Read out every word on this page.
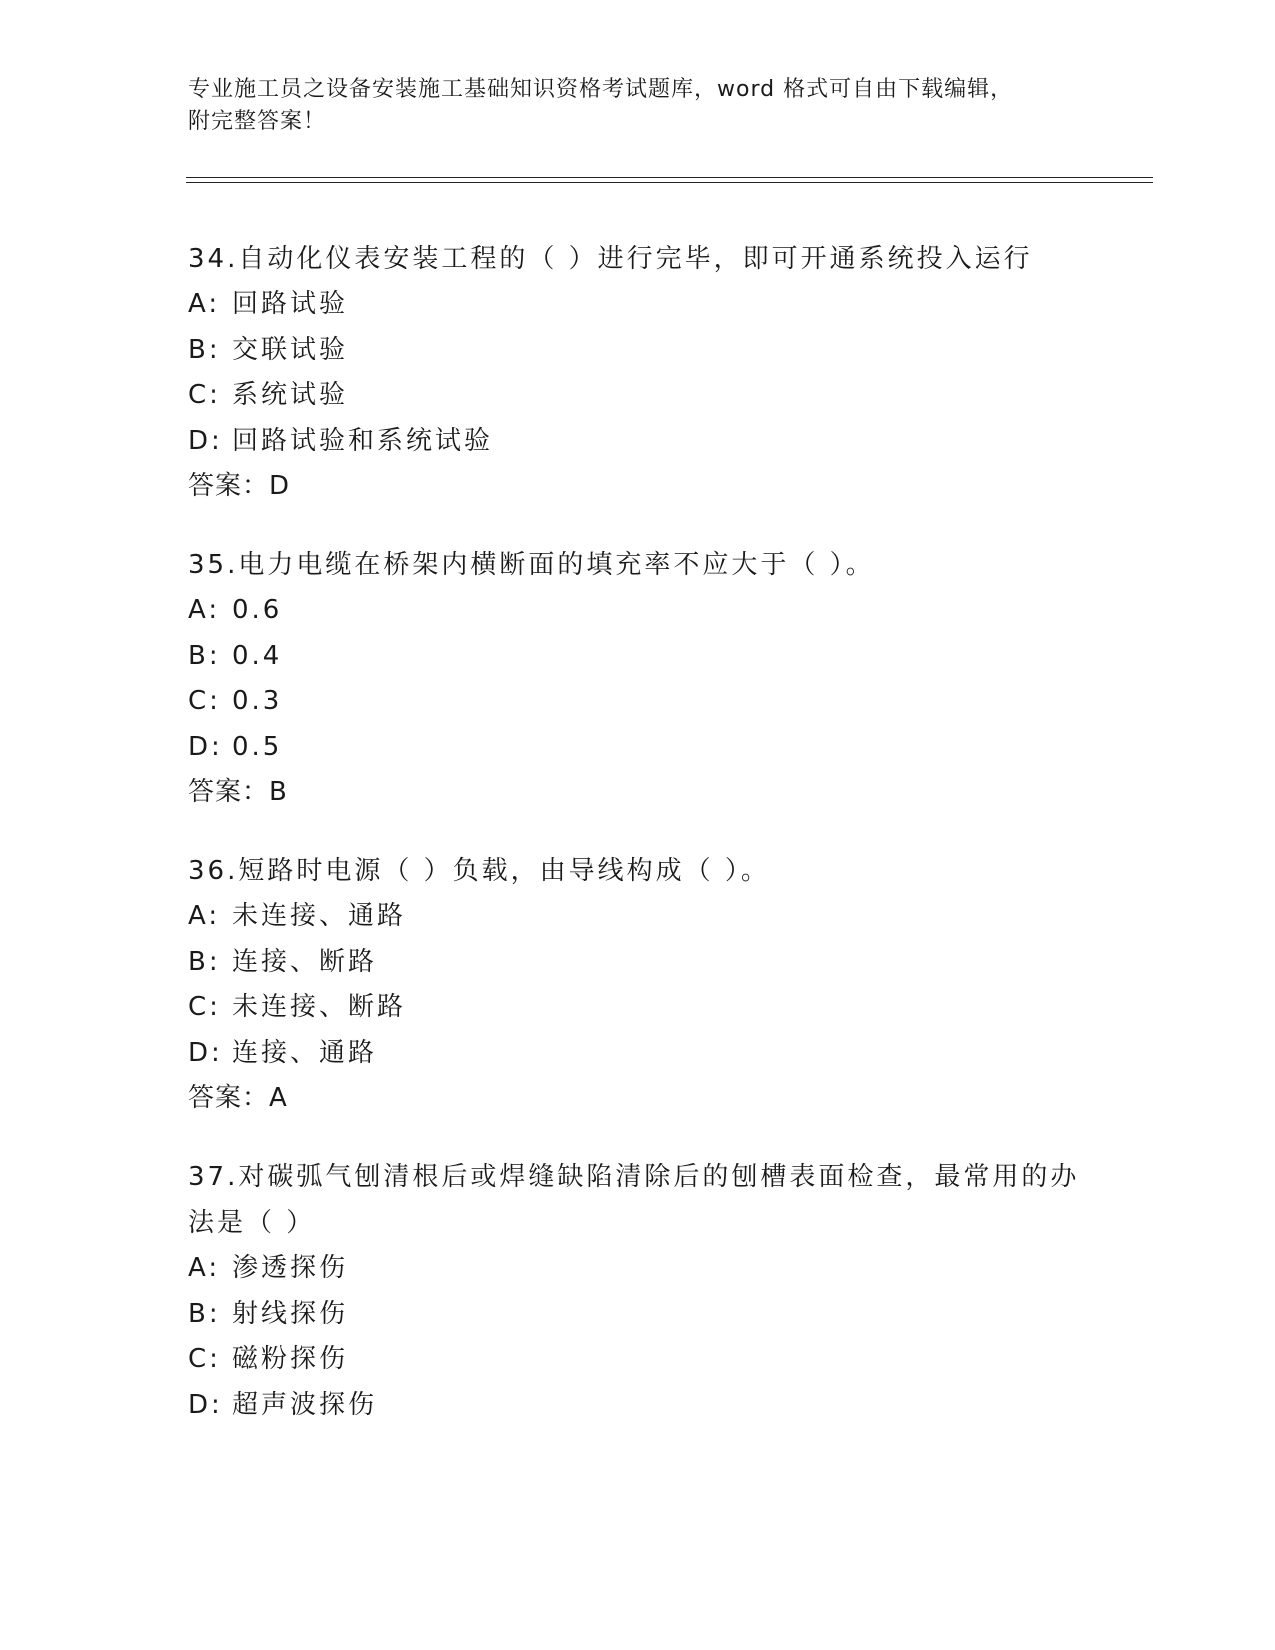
专业施工员之设备安装施工基础知识资格考试题库，word 格式可自由下载编辑，
附完整答案！
34.自动化仪表安装工程的（ ）进行完毕，即可开通系统投入运行
A: 回路试验
B: 交联试验
C: 系统试验
D: 回路试验和系统试验
答案：D
35.电力电缆在桥架内横断面的填充率不应大于（ ）。
A: 0.6
B: 0.4
C: 0.3
D: 0.5
答案：B
36.短路时电源（ ）负载，由导线构成（ ）。
A: 未连接、通路
B: 连接、断路
C: 未连接、断路
D: 连接、通路
答案：A
37.对碳弧气刨清根后或焊缝缺陷清除后的刨槽表面检查，最常用的办
法是（ ）
A: 渗透探伤
B: 射线探伤
C: 磁粉探伤
D: 超声波探伤
